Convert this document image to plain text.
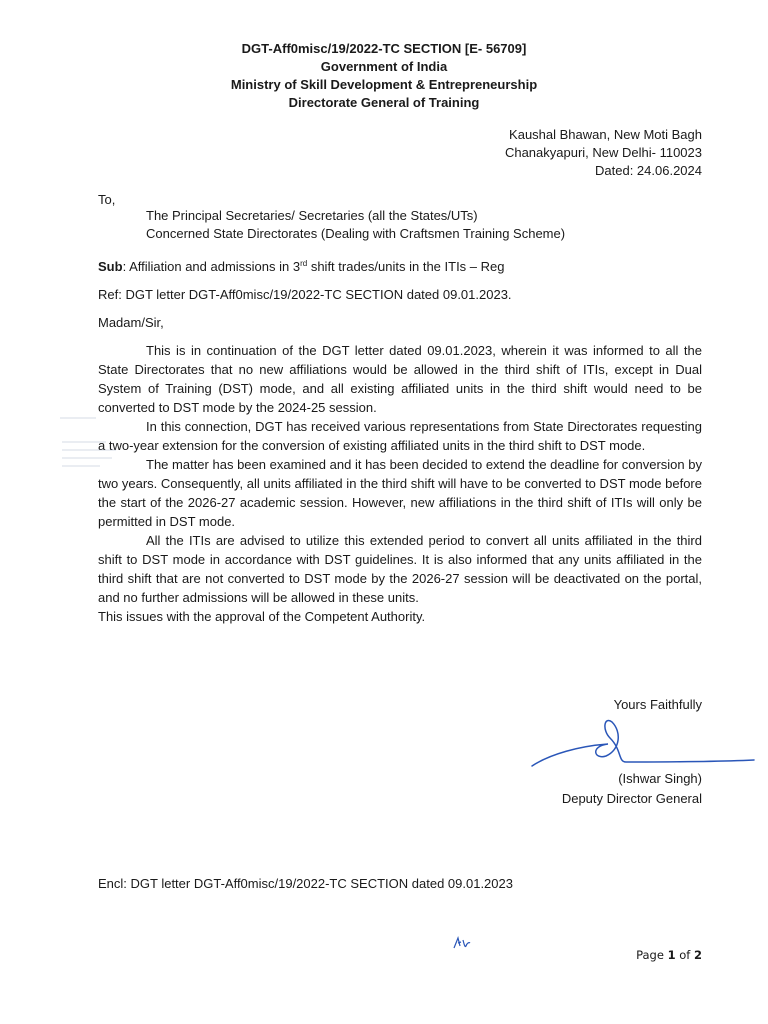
DGT-Aff0misc/19/2022-TC SECTION [E- 56709]
Government of India
Ministry of Skill Development & Entrepreneurship
Directorate General of Training
Kaushal Bhawan, New Moti Bagh
Chanakyapuri, New Delhi- 110023
Dated: 24.06.2024
To,
The Principal Secretaries/ Secretaries (all the States/UTs)
Concerned State Directorates (Dealing with Craftsmen Training Scheme)
Sub: Affiliation and admissions in 3rd shift trades/units in the ITIs – Reg
Ref: DGT letter DGT-Aff0misc/19/2022-TC SECTION dated 09.01.2023.
Madam/Sir,

This is in continuation of the DGT letter dated 09.01.2023, wherein it was informed to all the State Directorates that no new affiliations would be allowed in the third shift of ITIs, except in Dual System of Training (DST) mode, and all existing affiliated units in the third shift would need to be converted to DST mode by the 2024-25 session.

In this connection, DGT has received various representations from State Directorates requesting a two-year extension for the conversion of existing affiliated units in the third shift to DST mode.

The matter has been examined and it has been decided to extend the deadline for conversion by two years. Consequently, all units affiliated in the third shift will have to be converted to DST mode before the start of the 2026-27 academic session. However, new affiliations in the third shift of ITIs will only be permitted in DST mode.

All the ITIs are advised to utilize this extended period to convert all units affiliated in the third shift to DST mode in accordance with DST guidelines. It is also informed that any units affiliated in the third shift that are not converted to DST mode by the 2026-27 session will be deactivated on the portal, and no further admissions will be allowed in these units.

This issues with the approval of the Competent Authority.

Yours Faithfully
(Ishwar Singh)
Deputy Director General
Encl: DGT letter DGT-Aff0misc/19/2022-TC SECTION dated 09.01.2023
Page 1 of 2
